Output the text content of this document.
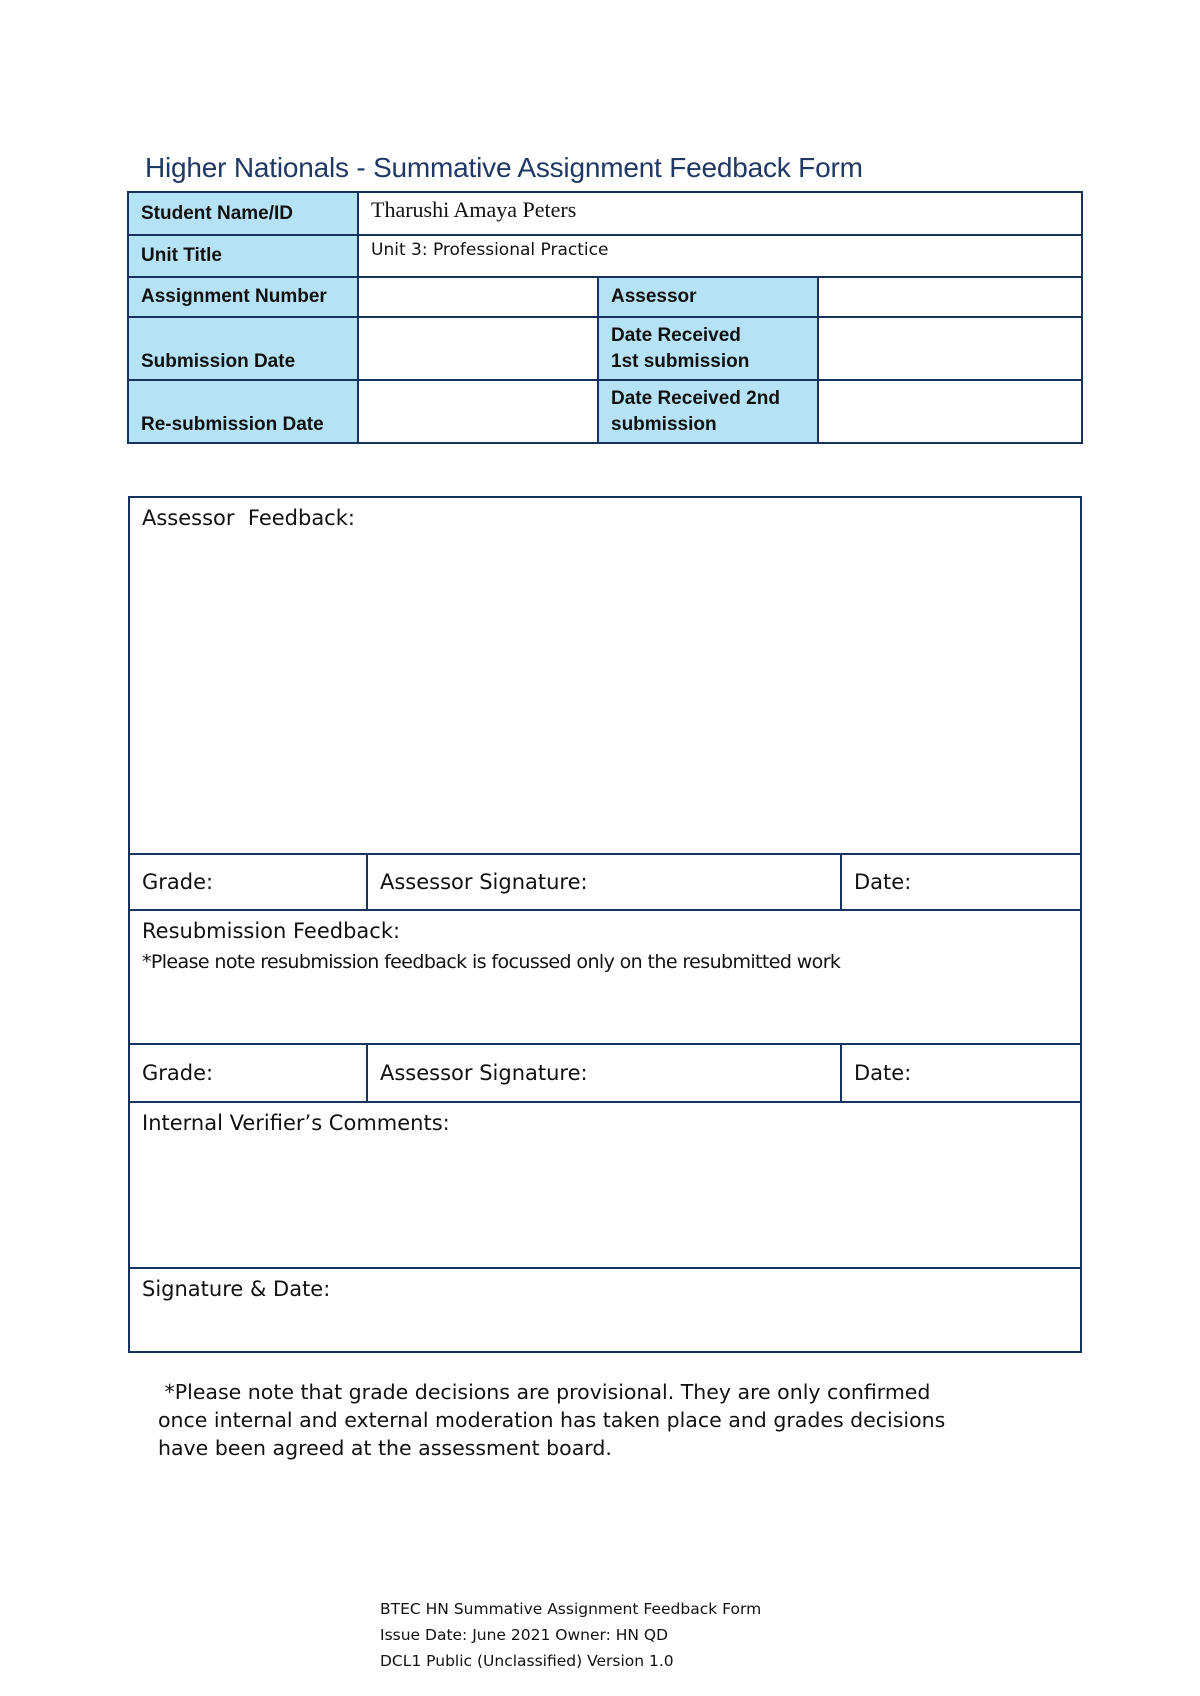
Higher Nationals - Summative Assignment Feedback Form
Student Name/ID	Tharushi Amaya Peters		
Unit Title	Unit 3: Professional Practice		
Assignment Number		Assessor	
Submission Date		Date Received
1st submission	

Re-submission Date		Date Received 2nd
submission	

Assessor  Feedback:		

Grade:	Assessor Signature:	Date:

Resubmission Feedback:
*Please note resubmission feedback is focussed only on the resubmitted work		

Grade:	Assessor Signature:	Date:

Internal Verifier’s Comments:		

Signature & Date:		
*Please note that grade decisions are provisional. They are only confirmed
once internal and external moderation has taken place and grades decisions
have been agreed at the assessment board.
BTEC HN Summative Assignment Feedback Form
Issue Date: June 2021 Owner: HN QD
DCL1 Public (Unclassified) Version 1.0
